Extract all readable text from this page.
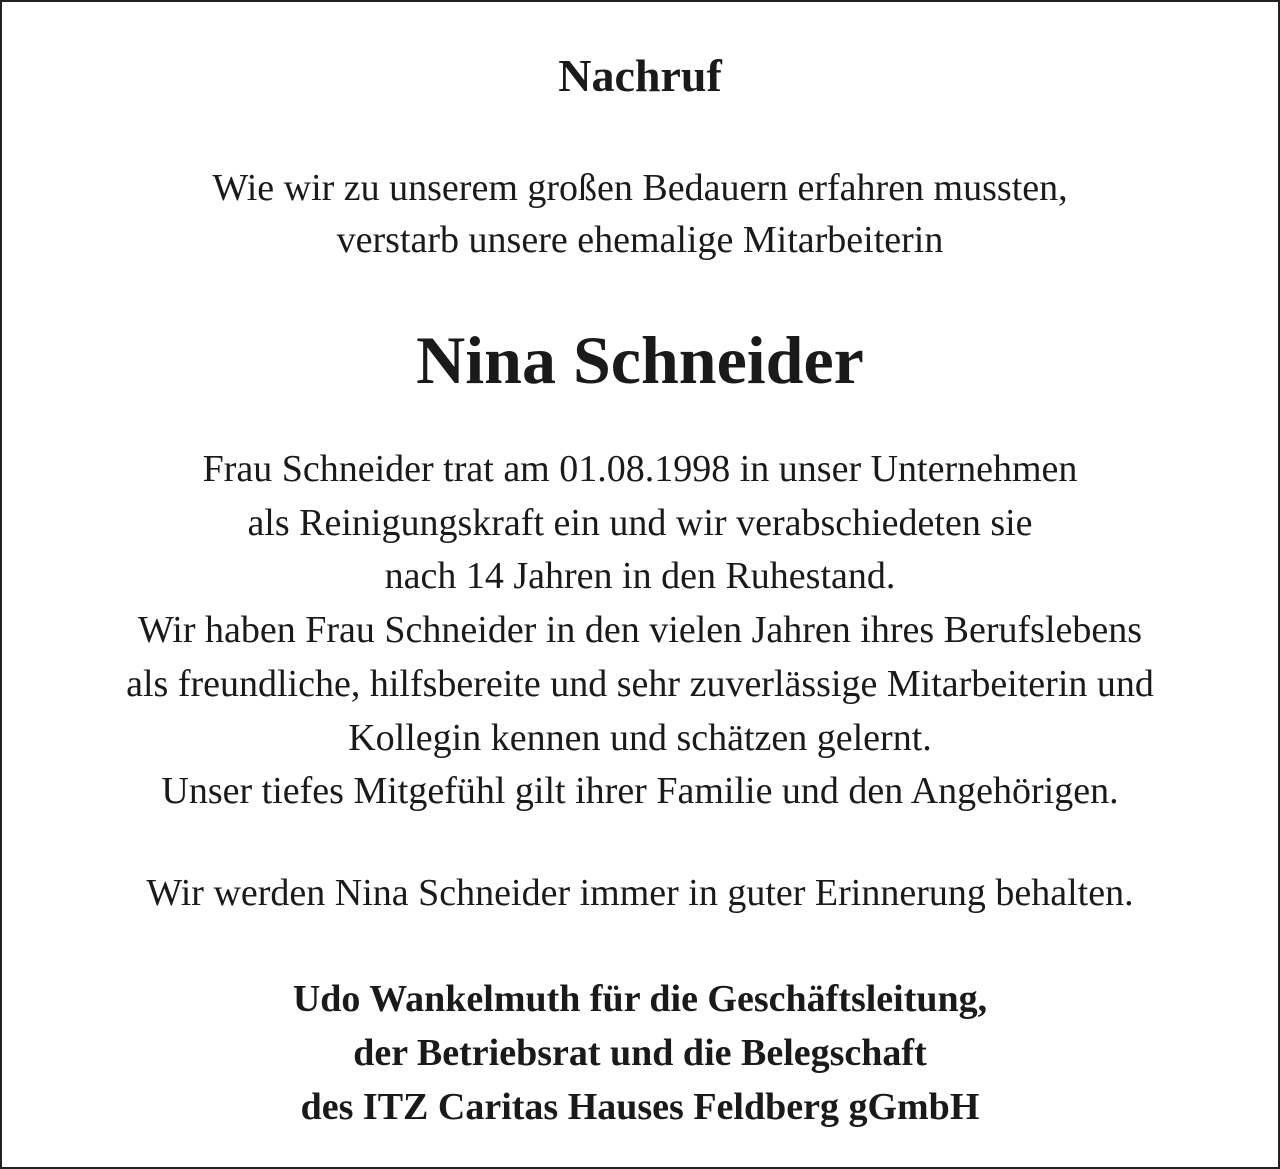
Nachruf
Wie wir zu unserem großen Bedauern erfahren mussten,
verstarb unsere ehemalige Mitarbeiterin
Nina Schneider
Frau Schneider trat am 01.08.1998 in unser Unternehmen
als Reinigungskraft ein und wir verabschiedeten sie
nach 14 Jahren in den Ruhestand.
Wir haben Frau Schneider in den vielen Jahren ihres Berufslebens
als freundliche, hilfsbereite und sehr zuverlässige Mitarbeiterin und
Kollegin kennen und schätzen gelernt.
Unser tiefes Mitgefühl gilt ihrer Familie und den Angehörigen.
Wir werden Nina Schneider immer in guter Erinnerung behalten.
Udo Wankelmuth für die Geschäftsleitung,
der Betriebsrat und die Belegschaft
des ITZ Caritas Hauses Feldberg gGmbH
